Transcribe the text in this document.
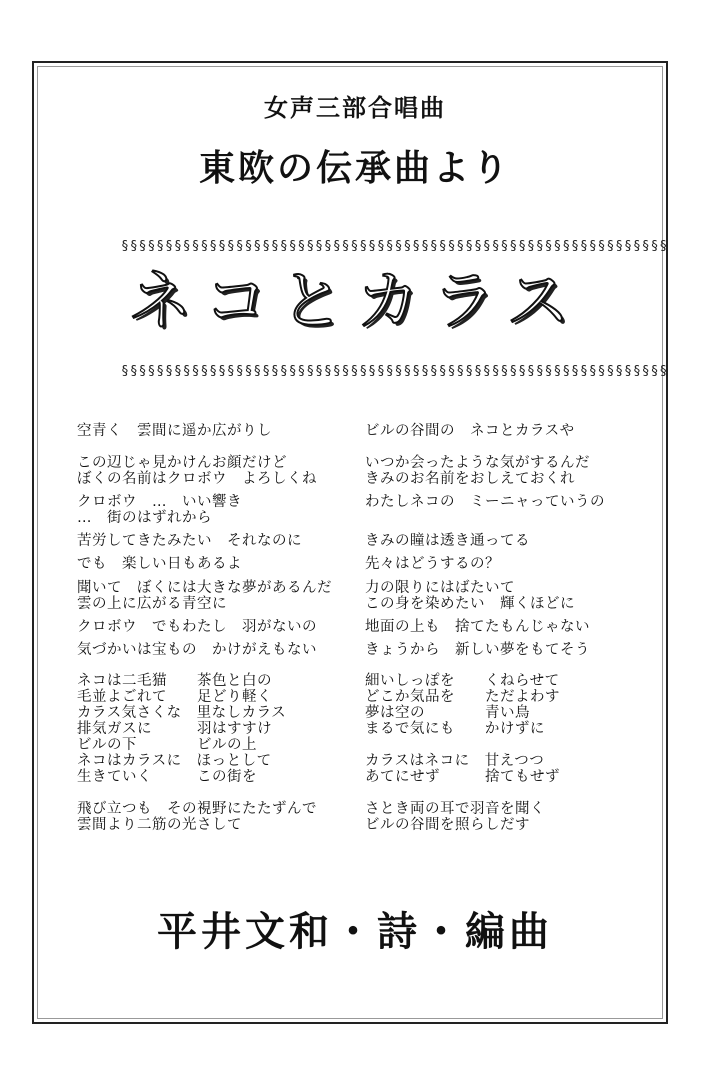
女声三部合唱曲
東欧の伝承曲より
§§§§§§§§§§§§§§§§§§§§§§§§§§§§§§§§§§§§§§§§§§§§§§§§§§§§§§§§§§§§§§
ネコとカラス
§§§§§§§§§§§§§§§§§§§§§§§§§§§§§§§§§§§§§§§§§§§§§§§§§§§§§§§§§§§§§§
空青く　雲間に遥か広がりし
この辺じゃ見かけんお顔だけど
ぼくの名前はクロボウ　よろしくね
クロボウ　…　いい響き
…　街のはずれから
苦労してきたみたい　それなのに
でも　楽しい日もあるよ
聞いて　ぼくには大きな夢があるんだ
雲の上に広がる青空に
クロボウ　でもわたし　羽がないの
気づかいは宝もの　かけがえもない
ネコは二毛猫　　茶色と白の
毛並よごれて　　足どり軽く
カラス気さくな　里なしカラス
排気ガスに　　　羽はすすけ
ビルの下　　　　ビルの上
ネコはカラスに　ほっとして
生きていく　　　この街を
飛び立つも　その視野にたたずんで
雲間より二筋の光さして
ビルの谷間の　ネコとカラスや
いつか会ったような気がするんだ
きみのお名前をおしえておくれ
わたしネコの　ミーニャっていうの
きみの瞳は透き通ってる
先々はどうするの？
力の限りにはばたいて
この身を染めたい　輝くほどに
地面の上も　捨てたもんじゃない
きょうから　新しい夢をもてそう
細いしっぽを　　くねらせて
どこか気品を　　ただよわす
夢は空の　　　　青い鳥
まるで気にも　　かけずに

カラスはネコに　甘えつつ
あてにせず　　　捨てもせず
さとき両の耳で羽音を聞く
ビルの谷間を照らしだす
平井文和・詩・編曲
